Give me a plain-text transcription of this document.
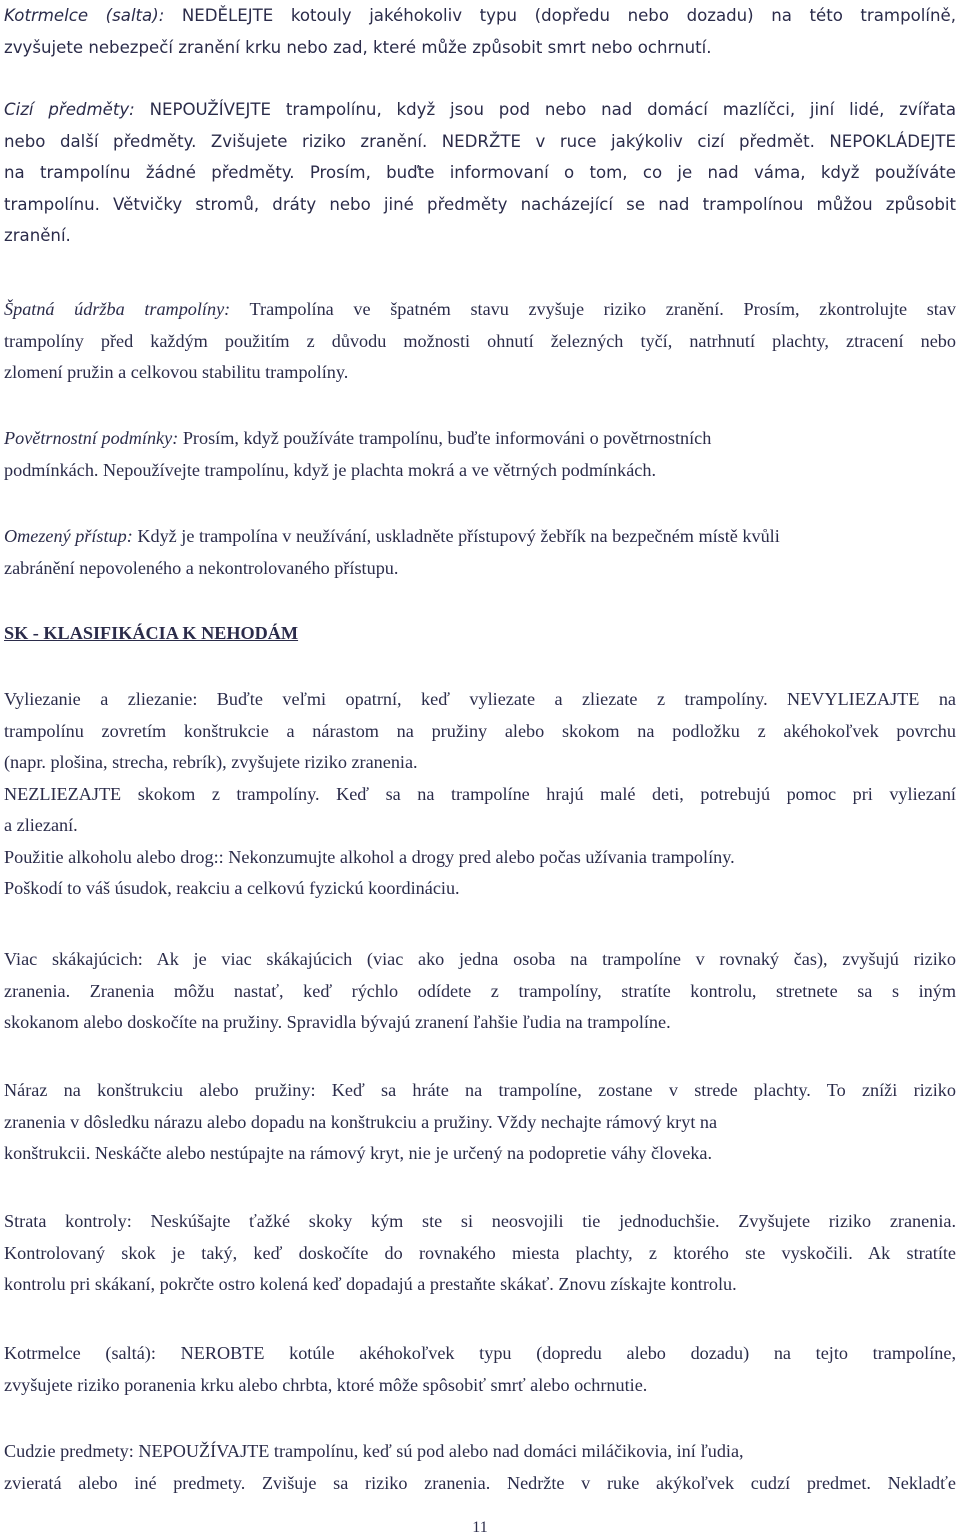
Kotrmelce (salta): NEDĚLEJTE kotouly jakéhokoliv typu (dopředu nebo dozadu) na této trampolíně,
zvyšujete nebezpečí zranění krku nebo zad, které může způsobit smrt nebo ochrnutí.
Cizí předměty: NEPOUŽÍVEJTE trampolínu, když jsou pod nebo nad domácí mazlíčci, jiní lidé, zvířata
nebo další předměty. Zvišujete riziko zranění. NEDRŽTE v ruce jakýkoliv cizí předmět. NEPOKLÁDEJTE
na trampolínu žádné předměty. Prosím, buďte informovaní o tom, co je nad váma, když používáte
trampolínu. Větvičky stromů, dráty nebo jiné předměty nacházející se nad trampolínou můžou způsobit
zranění.
Špatná údržba trampolíny: Trampolína ve špatném stavu zvyšuje riziko zranění. Prosím, zkontrolujte stav
trampolíny před každým použitím z důvodu možnosti ohnutí železných tyčí, natrhnutí plachty, ztracení nebo
zlomení pružin a celkovou stabilitu trampolíny.
Povětrnostní podmínky: Prosím, když používáte trampolínu, buďte informováni o povětrnostních
podmínkách. Nepoužívejte trampolínu, když je plachta mokrá a ve větrných podmínkách.
Omezený přístup: Když je trampolína v neužívání, uskladněte přístupový žebřík na bezpečném místě kvůli
zabránění nepovoleného a nekontrolovaného přístupu.
SK - KLASIFIKÁCIA K NEHODÁM
Vyliezanie a zliezanie: Buďte veľmi opatrní, keď vyliezate a zliezate z trampolíny. NEVYLIEZAJTE na
trampolínu zovretím konštrukcie a nárastom na pružiny alebo skokom na podložku z akéhokoľvek povrchu
(napr. plošina, strecha, rebrík), zvyšujete riziko zranenia.
NEZLIEZAJTE skokom z trampolíny. Keď sa na trampolíne hrajú malé deti, potrebujú pomoc pri vyliezaní
a zliezaní.
Použitie alkoholu alebo drog:: Nekonzumujte alkohol a drogy pred alebo počas užívania trampolíny.
Poškodí to váš úsudok, reakciu a celkovú fyzickú koordináciu.
Viac skákajúcich: Ak je viac skákajúcich (viac ako jedna osoba na trampolíne v rovnaký čas), zvyšujú riziko
zranenia. Zranenia môžu nastať, keď rýchlo odídete z trampolíny, stratíte kontrolu, stretnete sa s iným
skokanom alebo doskočíte na pružiny. Spravidla bývajú zranení ľahšie ľudia na trampolíne.
Náraz na konštrukciu alebo pružiny: Keď sa hráte na trampolíne, zostane v strede plachty. To zníži riziko
zranenia v dôsledku nárazu alebo dopadu na konštrukciu a pružiny. Vždy nechajte rámový kryt na
konštrukcii. Neskáčte alebo nestúpajte na rámový kryt, nie je určený na podopretie váhy človeka.
Strata kontroly: Neskúšajte ťažké skoky kým ste si neosvojili tie jednoduchšie. Zvyšujete riziko zranenia.
Kontrolovaný skok je taký, keď doskočíte do rovnakého miesta plachty, z ktorého ste vyskočili. Ak stratíte
kontrolu pri skákaní, pokrčte ostro kolená keď dopadajú a prestaňte skákať. Znovu získajte kontrolu.
Kotrmelce (saltá): NEROBTE kotúle akéhokoľvek typu (dopredu alebo dozadu) na tejto trampolíne,
zvyšujete riziko poranenia krku alebo chrbta, ktoré môže spôsobiť smrť alebo ochrnutie.
Cudzie predmety: NEPOUŽÍVAJTE trampolínu, keď sú pod alebo nad domáci miláčikovia, iní ľudia,
zvieratá alebo iné predmety. Zvišuje sa riziko zranenia. Nedržte v ruke akýkoľvek cudzí predmet. Nekladťe
11
